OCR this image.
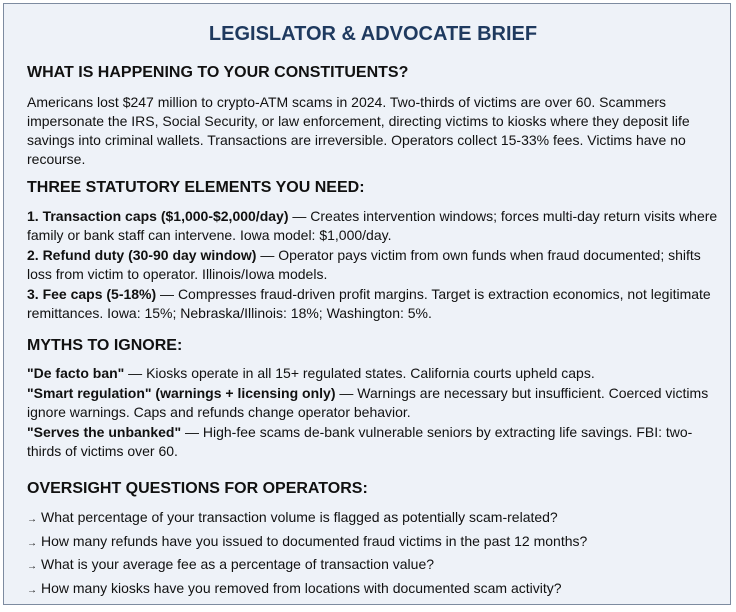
LEGISLATOR & ADVOCATE BRIEF
WHAT IS HAPPENING TO YOUR CONSTITUENTS?

Americans lost $247 million to crypto-ATM scams in 2024. Two-thirds of victims are over 60. Scammers impersonate the IRS, Social Security, or law enforcement, directing victims to kiosks where they deposit life savings into criminal wallets. Transactions are irreversible. Operators collect 15-33% fees. Victims have no recourse.

THREE STATUTORY ELEMENTS YOU NEED:

1. Transaction caps ($1,000-$2,000/day) — Creates intervention windows; forces multi-day return visits where family or bank staff can intervene. Iowa model: $1,000/day.

2. Refund duty (30-90 day window) — Operator pays victim from own funds when fraud documented; shifts loss from victim to operator. Illinois/Iowa models.

3. Fee caps (5-18%) — Compresses fraud-driven profit margins. Target is extraction economics, not legitimate remittances. Iowa: 15%; Nebraska/Illinois: 18%; Washington: 5%.

MYTHS TO IGNORE:

"De facto ban" — Kiosks operate in all 15+ regulated states. California courts upheld caps.

"Smart regulation" (warnings + licensing only) — Warnings are necessary but insufficient. Coerced victims ignore warnings. Caps and refunds change operator behavior.

"Serves the unbanked" — High-fee scams de-bank vulnerable seniors by extracting life savings. FBI: two-thirds of victims over 60.

OVERSIGHT QUESTIONS FOR OPERATORS:
→ What percentage of your transaction volume is flagged as potentially scam-related?
→ How many refunds have you issued to documented fraud victims in the past 12 months?
→ What is your average fee as a percentage of transaction value?
→ How many kiosks have you removed from locations with documented scam activity?
